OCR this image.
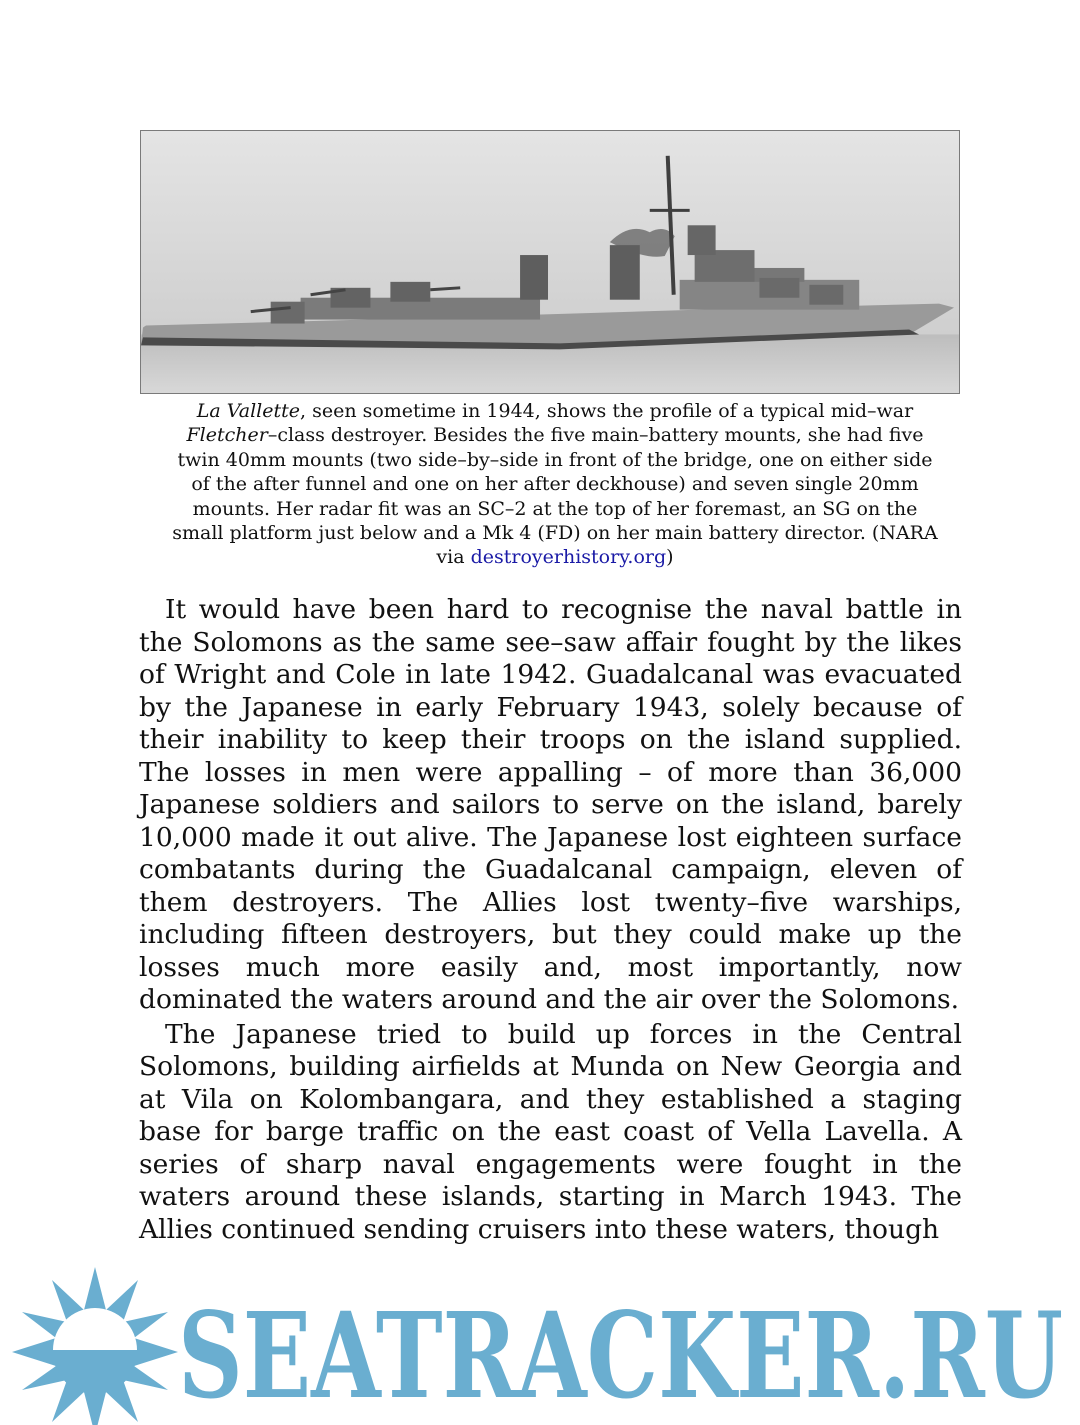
La Vallette, seen sometime in 1944, shows the profile of a typical mid–war Fletcher–class destroyer. Besides the five main–battery mounts, she had five twin 40mm mounts (two side–by–side in front of the bridge, one on either side of the after funnel and one on her after deckhouse) and seven single 20mm mounts. Her radar fit was an SC–2 at the top of her foremast, an SG on the small platform just below and a Mk 4 (FD) on her main battery director. (NARA via destroyerhistory.org)

It would have been hard to recognise the naval battle in the Solomons as the same see–saw affair fought by the likes of Wright and Cole in late 1942. Guadalcanal was evacuated by the Japanese in early February 1943, solely because of their inability to keep their troops on the island supplied. The losses in men were appalling – of more than 36,000 Japanese soldiers and sailors to serve on the island, barely 10,000 made it out alive. The Japanese lost eighteen surface combatants during the Guadalcanal campaign, eleven of them destroyers. The Allies lost twenty–five warships, including fifteen destroyers, but they could make up the losses much more easily and, most importantly, now dominated the waters around and the air over the Solomons.

The Japanese tried to build up forces in the Central Solomons, building airfields at Munda on New Georgia and at Vila on Kolombangara, and they established a staging base for barge traffic on the east coast of Vella Lavella. A series of sharp naval engagements were fought in the waters around these islands, starting in March 1943. The Allies continued sending cruisers into these waters, though

SEATRACKER.RU
